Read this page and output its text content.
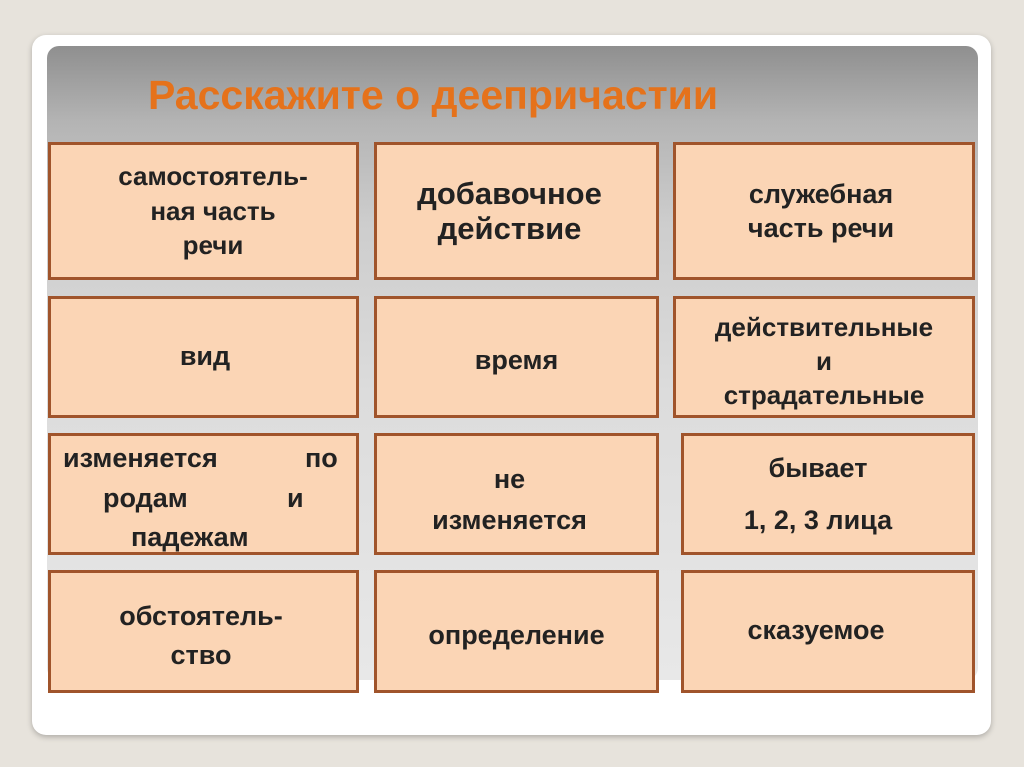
Расскажите о деепричастии
самостоятель-
ная часть
речи
добавочное
действие
служебная
часть речи
вид	время
действительные
и
страдательные
изменяется	по
родам	и
падежам
не
изменяется
бывает
1, 2, 3 лица
обстоятель-
ство
определение	сказуемое
